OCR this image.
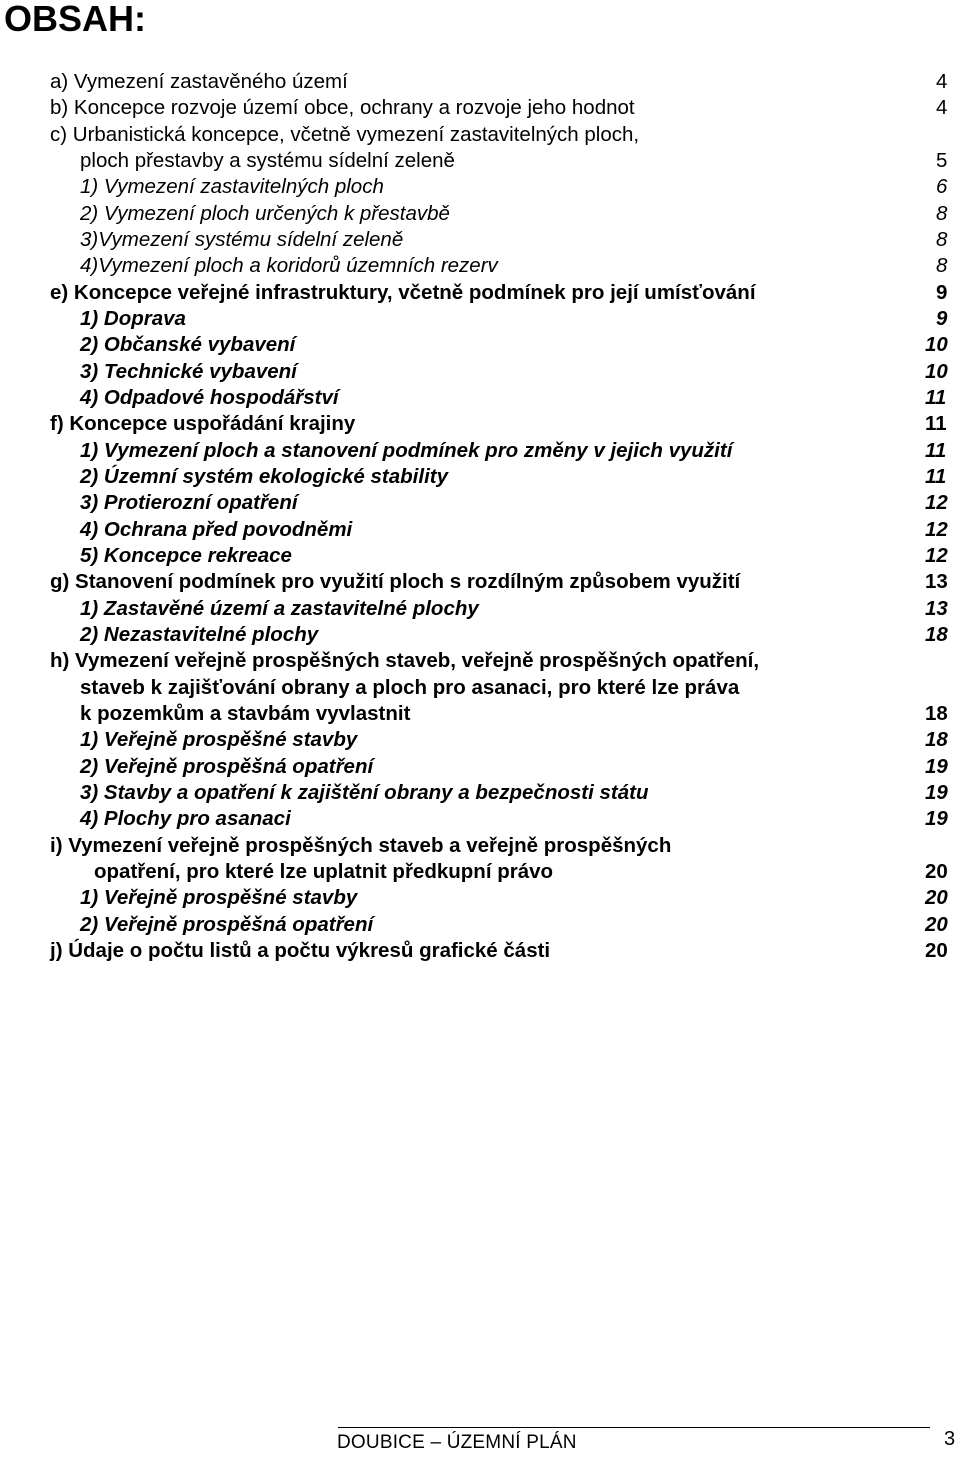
OBSAH:
a) Vymezení zastavěného území	4
b) Koncepce rozvoje území obce, ochrany a rozvoje jeho hodnot	4
c) Urbanistická koncepce, včetně vymezení zastavitelných ploch,
ploch přestavby a systému sídelní zeleně	5
1) Vymezení zastavitelných ploch	6
2) Vymezení ploch určených k přestavbě	8
3)Vymezení systému sídelní zeleně	8
4)Vymezení ploch a koridorů územních rezerv	8
e) Koncepce veřejné infrastruktury, včetně podmínek pro její umísťování	9
1) Doprava	9
2) Občanské vybavení	10
3) Technické vybavení	10
4) Odpadové hospodářství	11
f) Koncepce uspořádání krajiny	11
1) Vymezení ploch a stanovení podmínek pro změny v jejich využití	11
2) Územní systém ekologické stability	11
3) Protierozní opatření	12
4) Ochrana před povodněmi	12
5) Koncepce rekreace	12
g) Stanovení podmínek pro využití ploch s rozdílným způsobem využití	13
1) Zastavěné území a zastavitelné plochy	13
2) Nezastavitelné plochy	18
h) Vymezení veřejně prospěšných staveb, veřejně prospěšných opatření,
staveb k zajišťování obrany a ploch pro asanaci, pro které lze práva
k pozemkům a stavbám vyvlastnit	18
1) Veřejně prospěšné stavby	18
2) Veřejně prospěšná opatření	19
3) Stavby a opatření k zajištění obrany a bezpečnosti státu	19
4) Plochy pro asanaci	19
i) Vymezení veřejně prospěšných staveb a veřejně prospěšných
opatření, pro které lze uplatnit předkupní právo	20
1) Veřejně prospěšné stavby	20
2) Veřejně prospěšná opatření	20
j) Údaje o počtu listů a počtu výkresů grafické části	20
DOUBICE – ÚZEMNÍ PLÁN	3
